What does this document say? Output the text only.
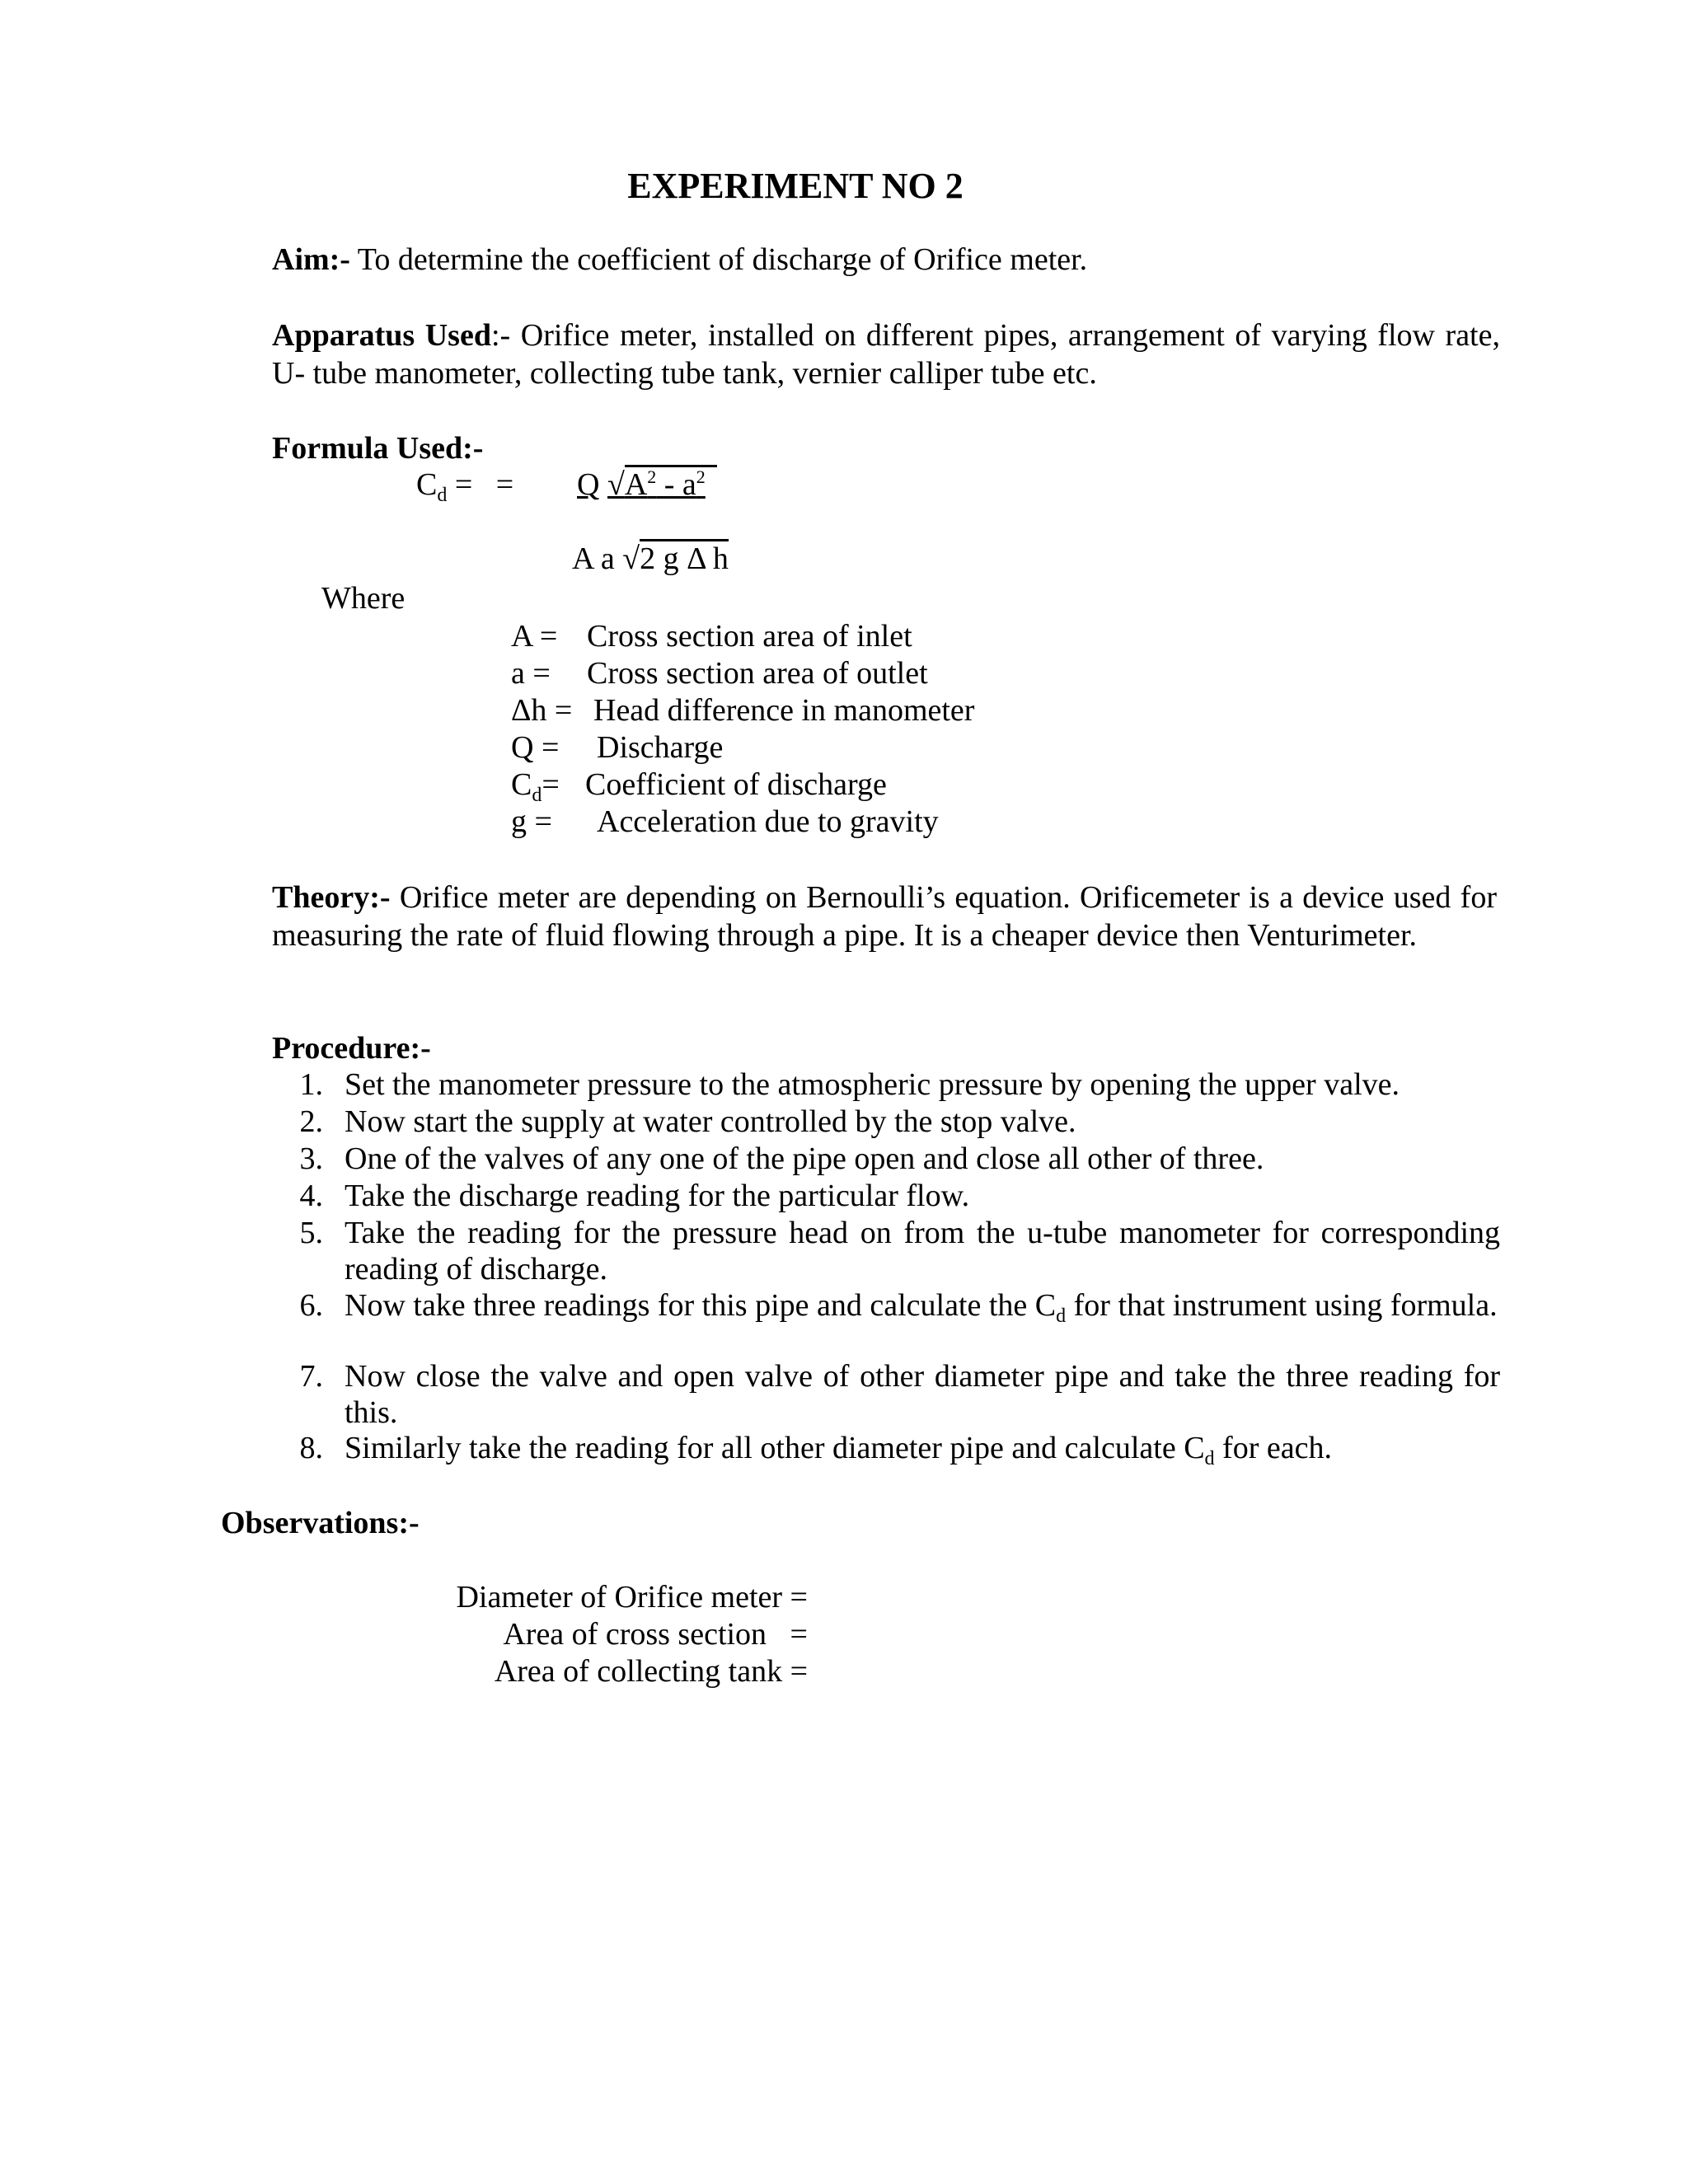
EXPERIMENT NO 2
Aim:- To determine the coefficient of discharge of Orifice meter.
Apparatus Used:- Orifice meter, installed on different pipes, arrangement of varying flow rate, U- tube manometer, collecting tube tank, vernier calliper tube etc.
Formula Used:-
$C_d$ =   = Q $√A^2 - a^2$
A a √2 g Δ h
Where
A = Cross section area of inlet
a = Cross section area of outlet
Δh = Head difference in manometer
Q = Discharge
$C_d=$ Coefficient of discharge
g = Acceleration due to gravity
Theory:- Orifice meter are depending on Bernoulli’s equation. Orificemeter is a device used for measuring the rate of fluid flowing through a pipe. It is a cheaper device then Venturimeter.
Procedure:-
1. Set the manometer pressure to the atmospheric pressure by opening the upper valve.
2. Now start the supply at water controlled by the stop valve.
3. One of the valves of any one of the pipe open and close all other of three.
4. Take the discharge reading for the particular flow.
5. Take the reading for the pressure head on from the u-tube manometer for corresponding reading of discharge.
6. Now take three readings for this pipe and calculate the $C_d$ for that instrument using formula.
7. Now close the valve and open valve of other diameter pipe and take the three reading for this.
8. Similarly take the reading for all other diameter pipe and calculate $C_d$ for each.
Observations:-
Diameter of Orifice meter =
Area of cross section   =
Area of collecting tank =
